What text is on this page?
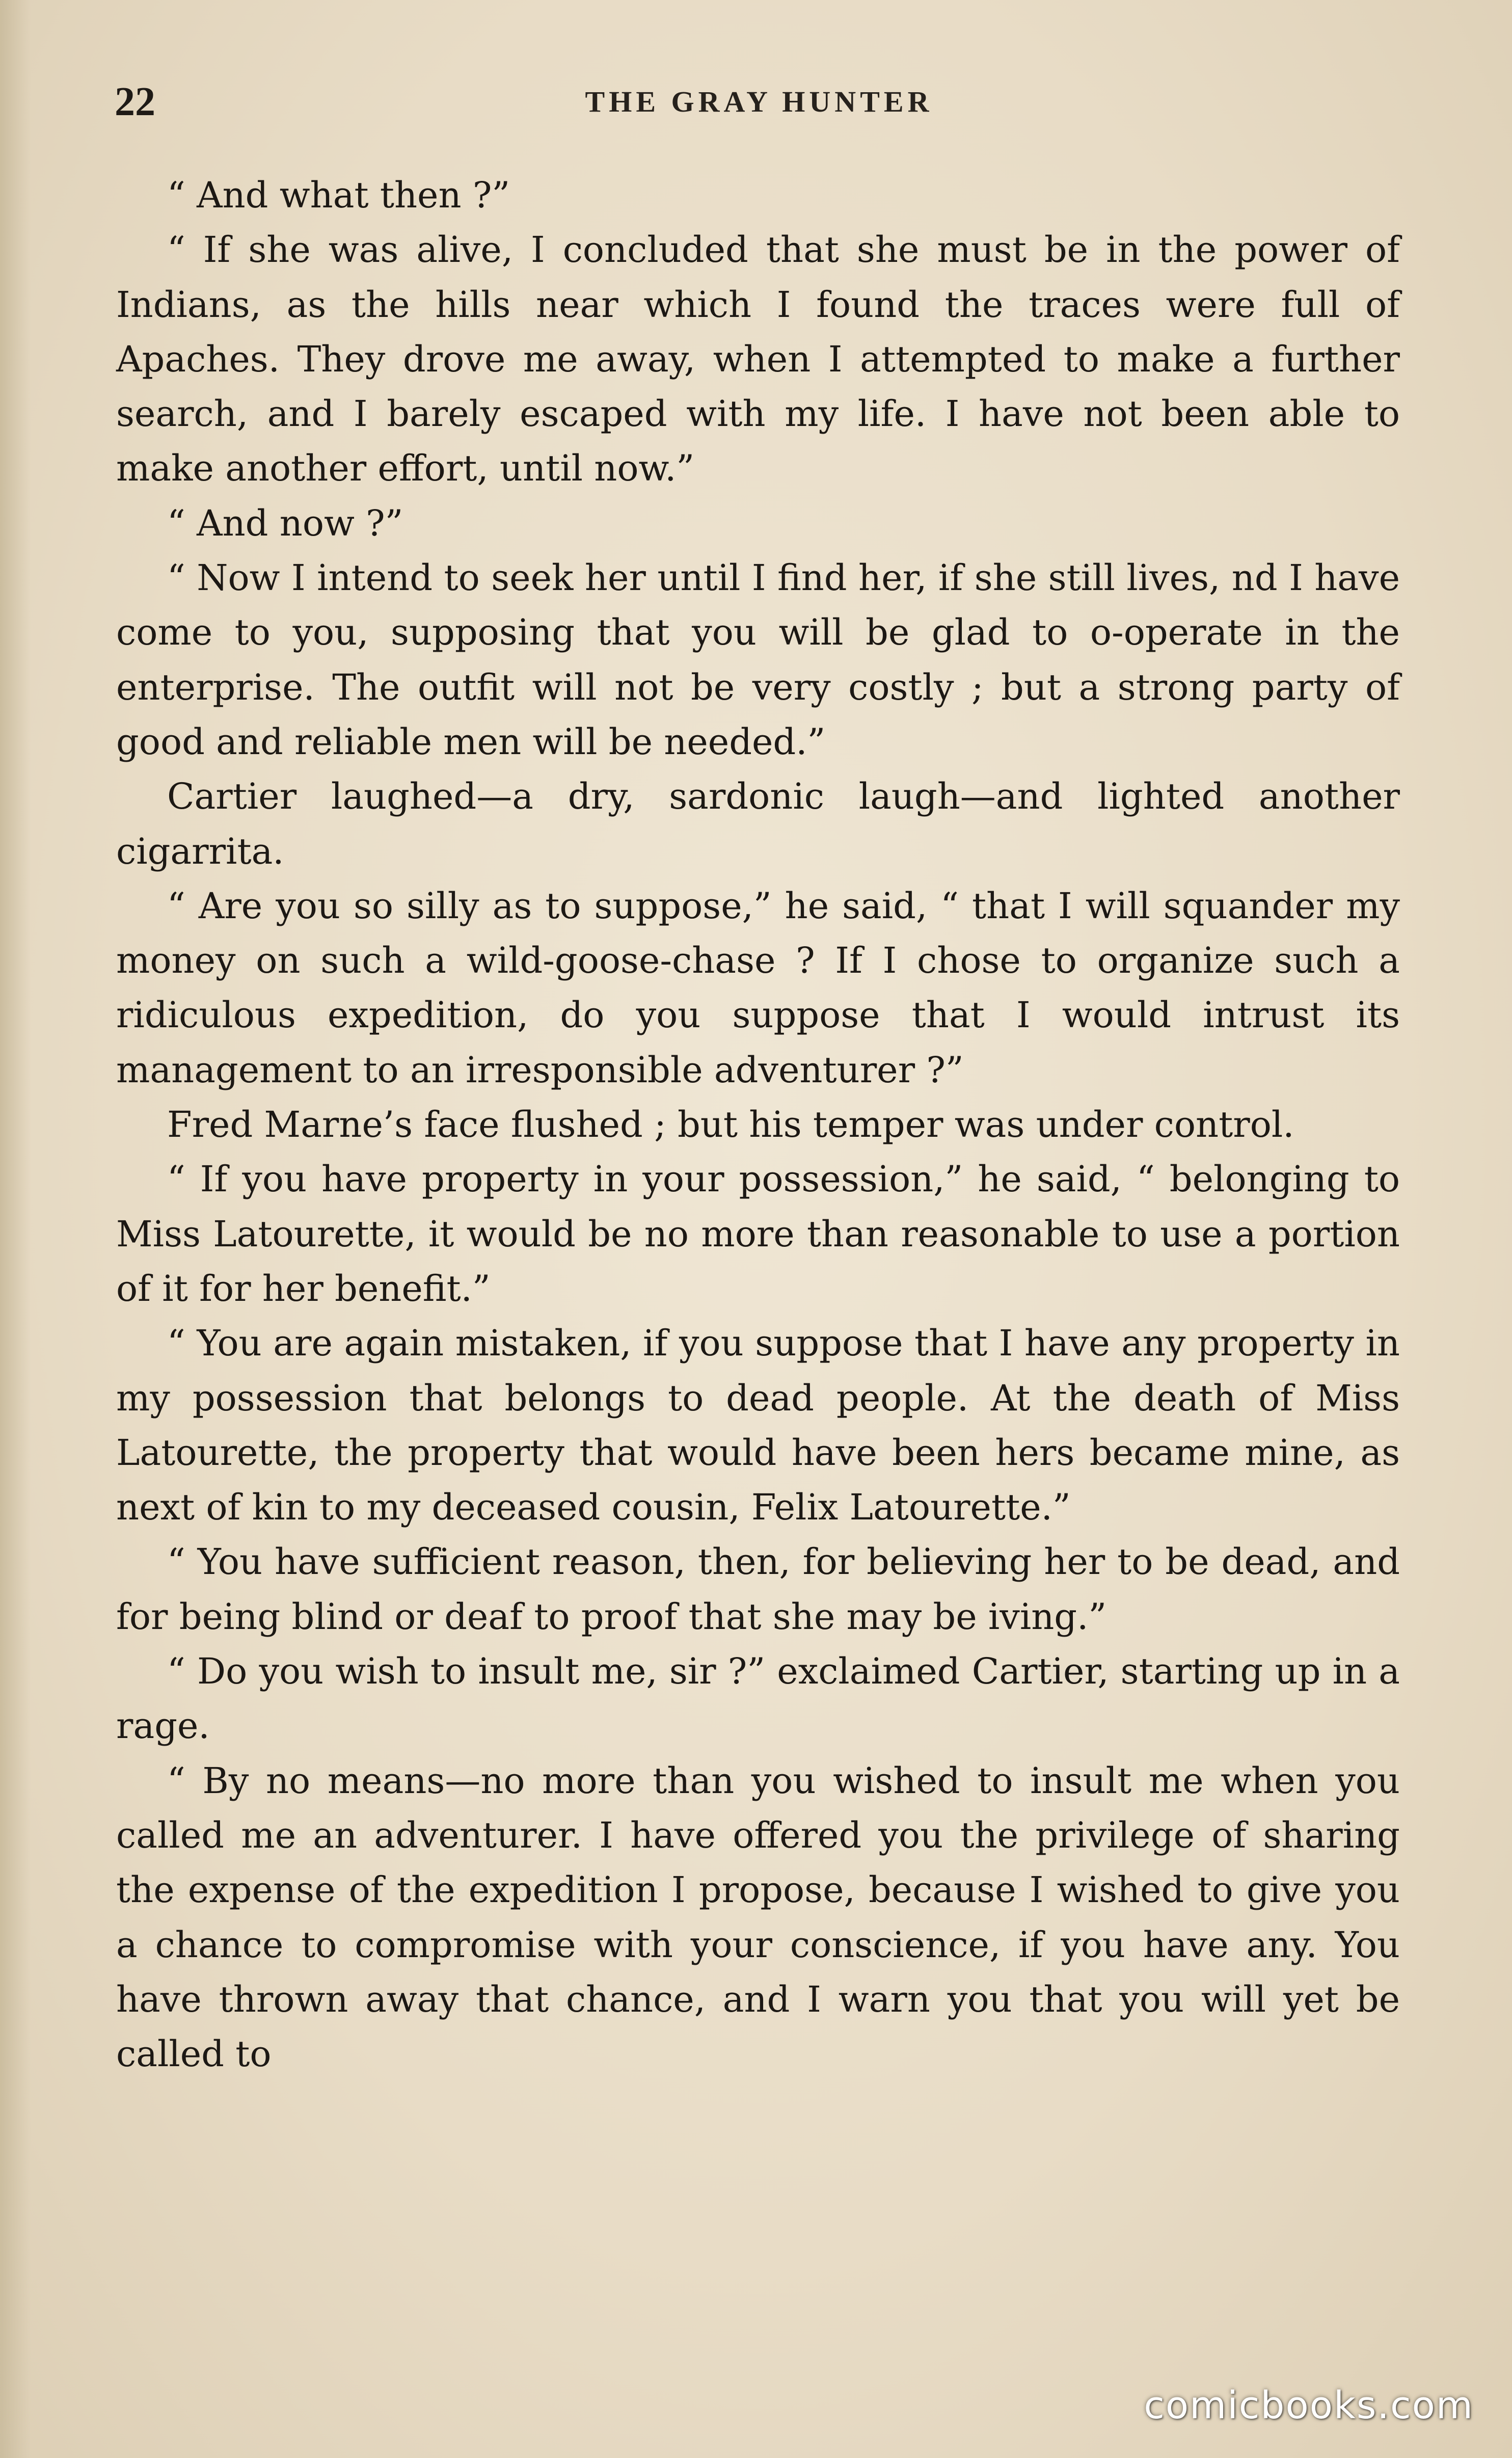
22	THE GRAY HUNTER

“ And what then ?”

“ If she was alive, I concluded that she must be in the power of Indians, as the hills near which I found the traces were full of Apaches. They drove me away, when I attempted to make a further search, and I barely escaped with my life. I have not been able to make another effort, until now.”

“ And now ?”

“ Now I intend to seek her until I find her, if she still lives, nd I have come to you, supposing that you will be glad to o-operate in the enterprise. The outfit will not be very costly ; but a strong party of good and reliable men will be needed.”

Cartier laughed—a dry, sardonic laugh—and lighted another cigarrita.

“ Are you so silly as to suppose,” he said, “ that I will squander my money on such a wild-goose-chase ? If I chose to organize such a ridiculous expedition, do you suppose that I would intrust its management to an irresponsible adventurer ?”

Fred Marne’s face flushed ; but his temper was under control.

“ If you have property in your possession,” he said, “ belonging to Miss Latourette, it would be no more than reasonable to use a portion of it for her benefit.”

“ You are again mistaken, if you suppose that I have any property in my possession that belongs to dead people. At the death of Miss Latourette, the property that would have been hers became mine, as next of kin to my deceased cousin, Felix Latourette.”

“ You have sufficient reason, then, for believing her to be dead, and for being blind or deaf to proof that she may be iving.”

“ Do you wish to insult me, sir ?” exclaimed Cartier, starting up in a rage.

“ By no means—no more than you wished to insult me when you called me an adventurer. I have offered you the privilege of sharing the expense of the expedition I propose, because I wished to give you a chance to compromise with your conscience, if you have any. You have thrown away that chance, and I warn you that you will yet be called to

comicbooks.com
